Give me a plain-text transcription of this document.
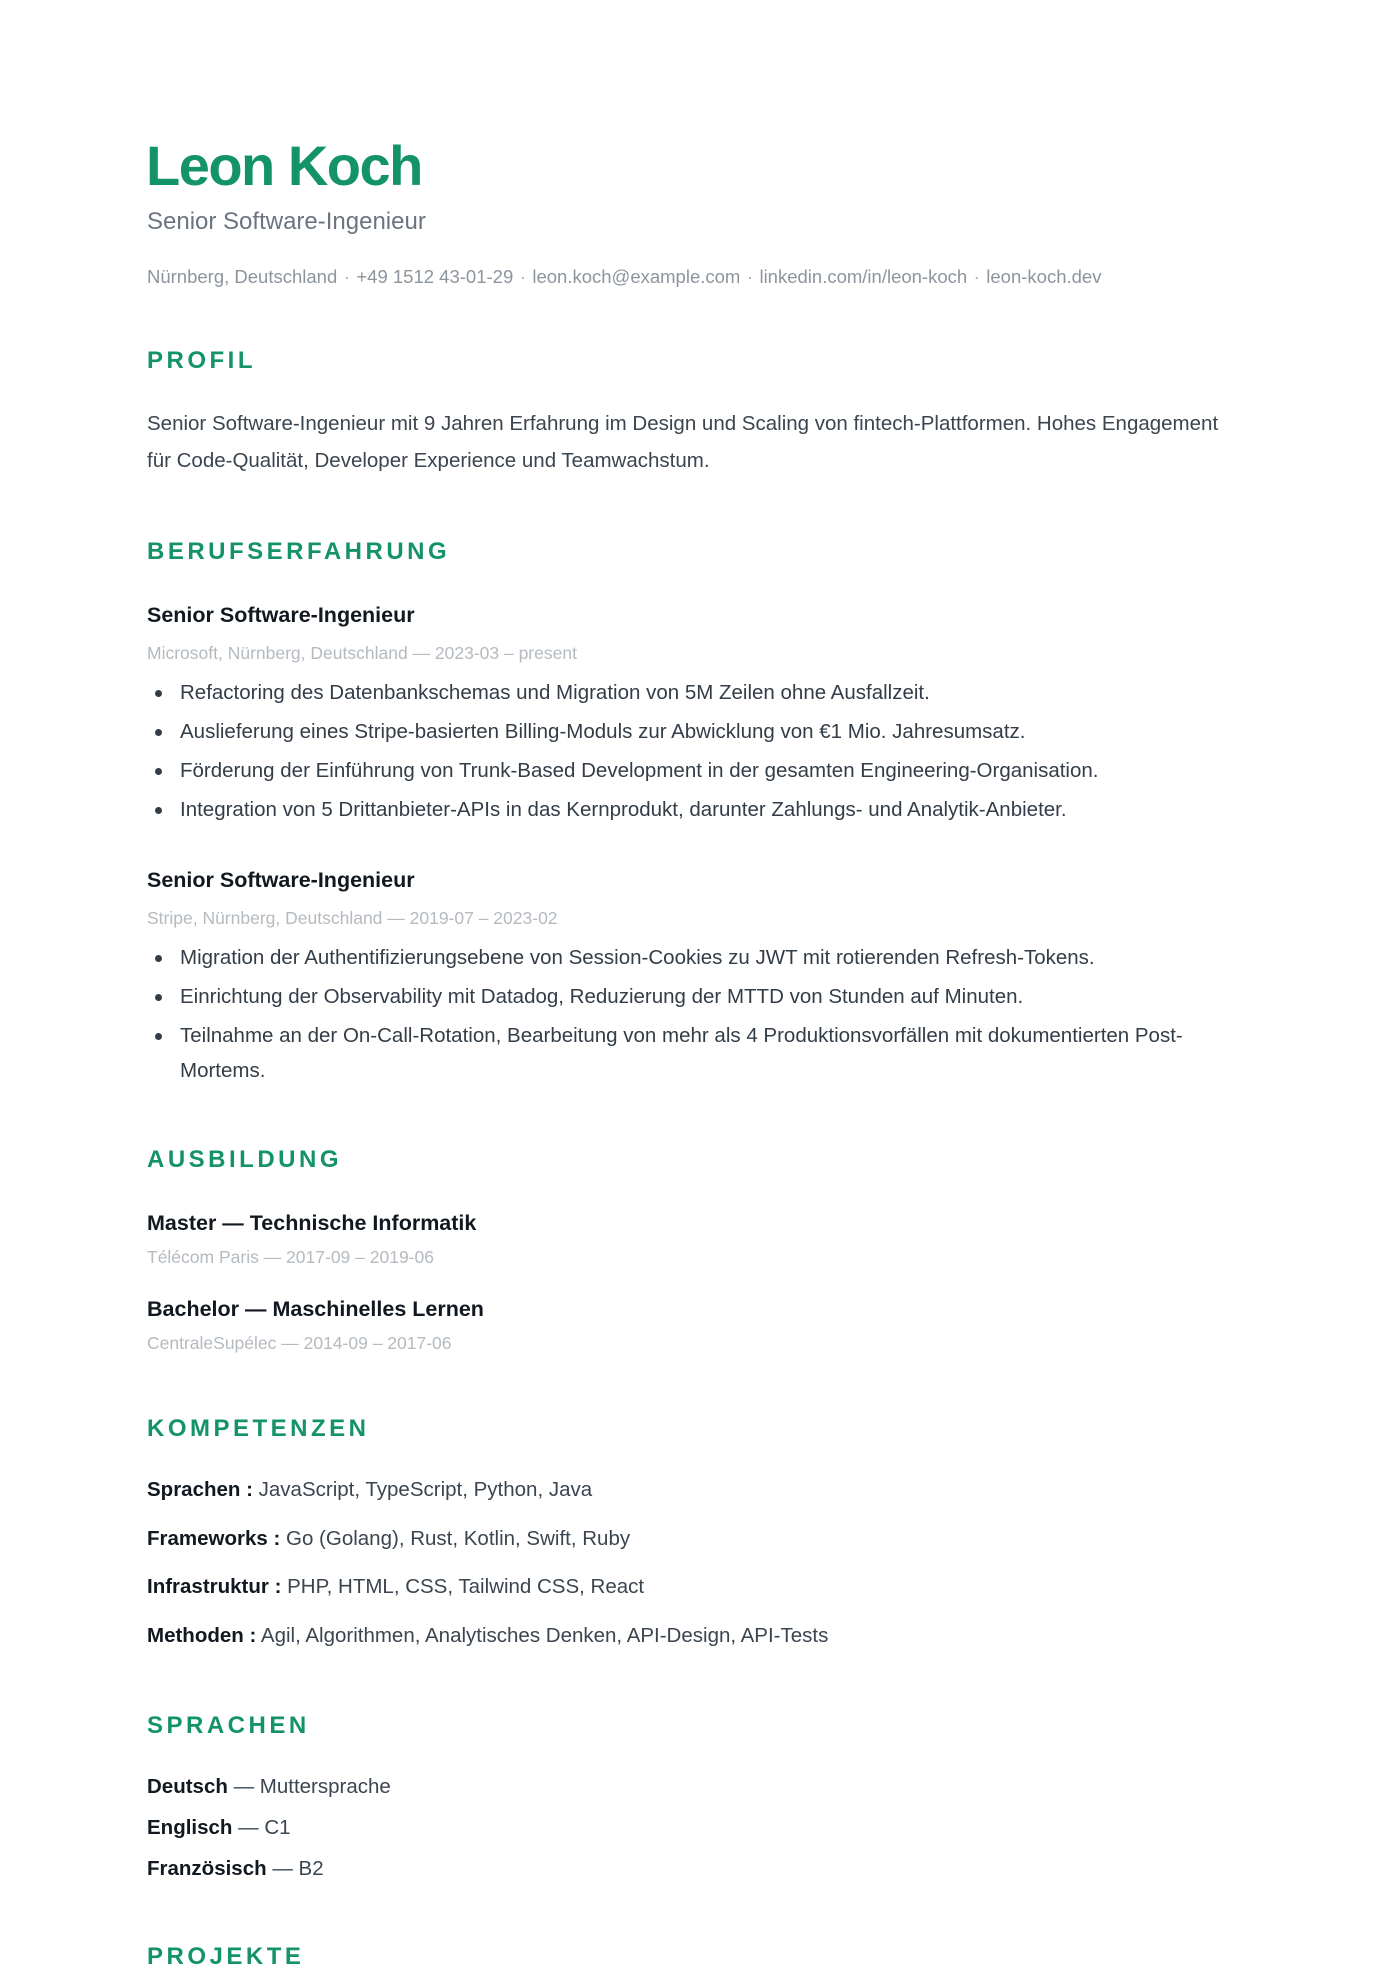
Leon Koch
Senior Software-Ingenieur
Nürnberg, Deutschland · +49 1512 43-01-29 · leon.koch@example.com · linkedin.com/in/leon-koch · leon-koch.dev
PROFIL

Senior Software-Ingenieur mit 9 Jahren Erfahrung im Design und Scaling von fintech-Plattformen. Hohes Engagement für Code-Qualität, Developer Experience und Teamwachstum.

BERUFSERFAHRUNG
Senior Software-Ingenieur
Microsoft, Nürnberg, Deutschland — 2023-03 – present
Refactoring des Datenbankschemas und Migration von 5M Zeilen ohne Ausfallzeit.
Auslieferung eines Stripe-basierten Billing-Moduls zur Abwicklung von €1 Mio. Jahresumsatz.
Förderung der Einführung von Trunk-Based Development in der gesamten Engineering-Organisation.
Integration von 5 Drittanbieter-APIs in das Kernprodukt, darunter Zahlungs- und Analytik-Anbieter.
Senior Software-Ingenieur
Stripe, Nürnberg, Deutschland — 2019-07 – 2023-02
Migration der Authentifizierungsebene von Session-Cookies zu JWT mit rotierenden Refresh-Tokens.
Einrichtung der Observability mit Datadog, Reduzierung der MTTD von Stunden auf Minuten.
Teilnahme an der On-Call-Rotation, Bearbeitung von mehr als 4 Produktionsvorfällen mit dokumentierten Post-Mortems.
AUSBILDUNG
Master — Technische Informatik
Télécom Paris — 2017-09 – 2019-06
Bachelor — Maschinelles Lernen
CentraleSupélec — 2014-09 – 2017-06
KOMPETENZEN
Sprachen : JavaScript, TypeScript, Python, Java
Frameworks : Go (Golang), Rust, Kotlin, Swift, Ruby
Infrastruktur : PHP, HTML, CSS, Tailwind CSS, React
Methoden : Agil, Algorithmen, Analytisches Denken, API-Design, API-Tests
SPRACHEN
Deutsch — Muttersprache
Englisch — C1
Französisch — B2
PROJEKTE
